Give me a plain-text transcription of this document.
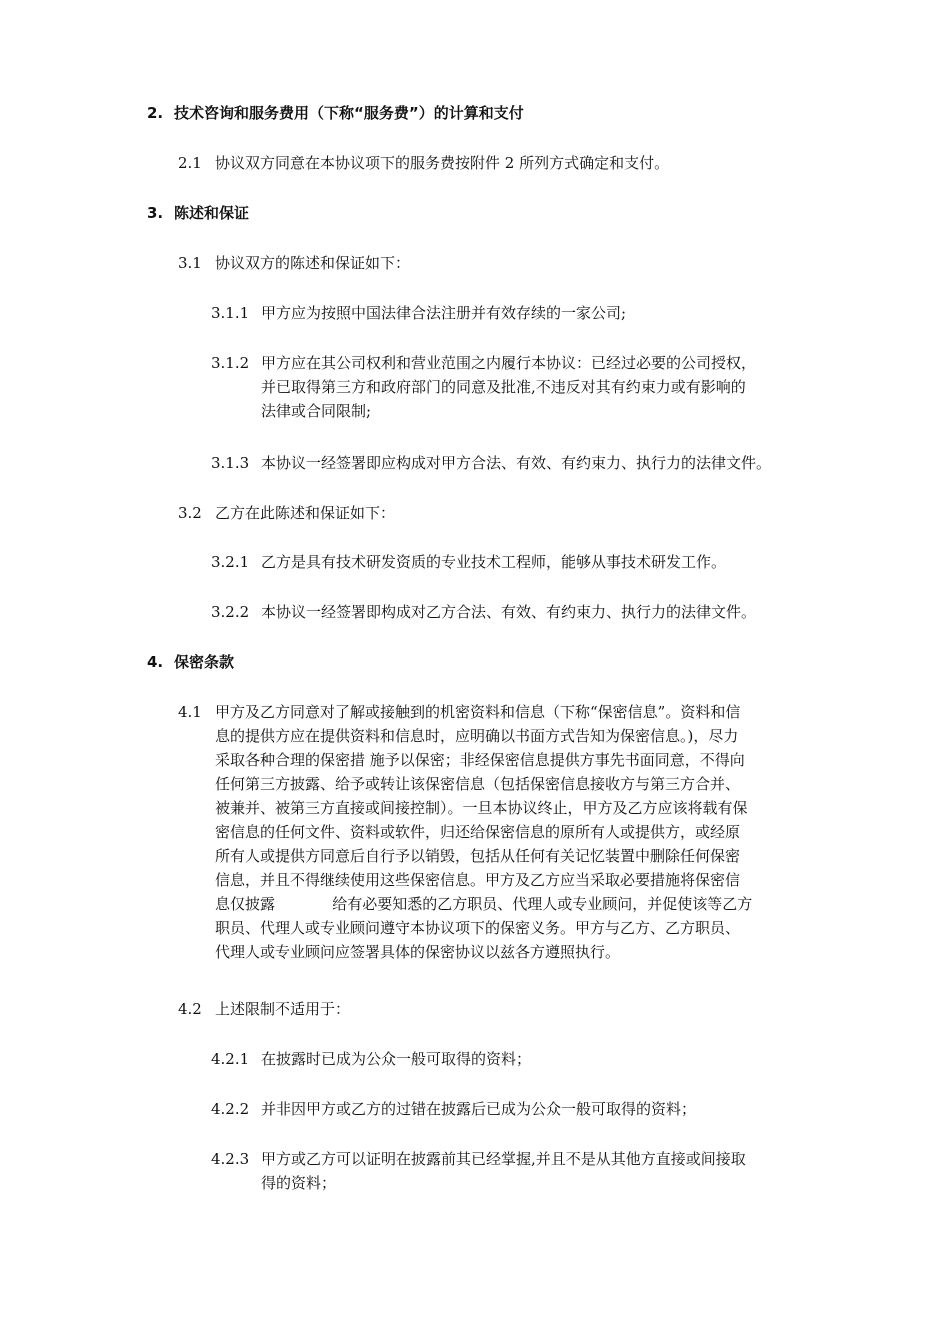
2. 技术咨询和服务费用（下称“服务费”）的计算和支付
2.1 协议双方同意在本协议项下的服务费按附件 2 所列方式确定和支付。
3. 陈述和保证
3.1 协议双方的陈述和保证如下：
3.1.1 甲方应为按照中国法律合法注册并有效存续的一家公司;
3.1.2 甲方应在其公司权利和营业范围之内履行本协议：已经过必要的公司授权，
并已取得第三方和政府部门的同意及批准,不违反对其有约束力或有影响的
法律或合同限制;
3.1.3 本协议一经签署即应构成对甲方合法、有效、有约束力、执行力的法律文件。
3.2 乙方在此陈述和保证如下：
3.2.1 乙方是具有技术研发资质的专业技术工程师，能够从事技术研发工作。
3.2.2 本协议一经签署即构成对乙方合法、有效、有约束力、执行力的法律文件。
4. 保密条款
4.1 甲方及乙方同意对了解或接触到的机密资料和信息（下称“保密信息”。资料和信
息的提供方应在提供资料和信息时，应明确以书面方式告知为保密信息。)，尽力
采取各种合理的保密措 施予以保密；非经保密信息提供方事先书面同意，不得向
任何第三方披露、给予或转让该保密信息（包括保密信息接收方与第三方合并、
被兼并、被第三方直接或间接控制）。一旦本协议终止，甲方及乙方应该将载有保
密信息的任何文件、资料或软件，归还给保密信息的原所有人或提供方，或经原
所有人或提供方同意后自行予以销毁，包括从任何有关记忆装置中删除任何保密
信息，并且不得继续使用这些保密信息。甲方及乙方应当采取必要措施将保密信
息仅披露            给有必要知悉的乙方职员、代理人或专业顾问，并促使该等乙方
职员、代理人或专业顾问遵守本协议项下的保密义务。甲方与乙方、乙方职员、
代理人或专业顾问应签署具体的保密协议以兹各方遵照执行。
4.2 上述限制不适用于：
4.2.1 在披露时已成为公众一般可取得的资料；
4.2.2 并非因甲方或乙方的过错在披露后已成为公众一般可取得的资料；
4.2.3 甲方或乙方可以证明在披露前其已经掌握,并且不是从其他方直接或间接取
得的资料；
